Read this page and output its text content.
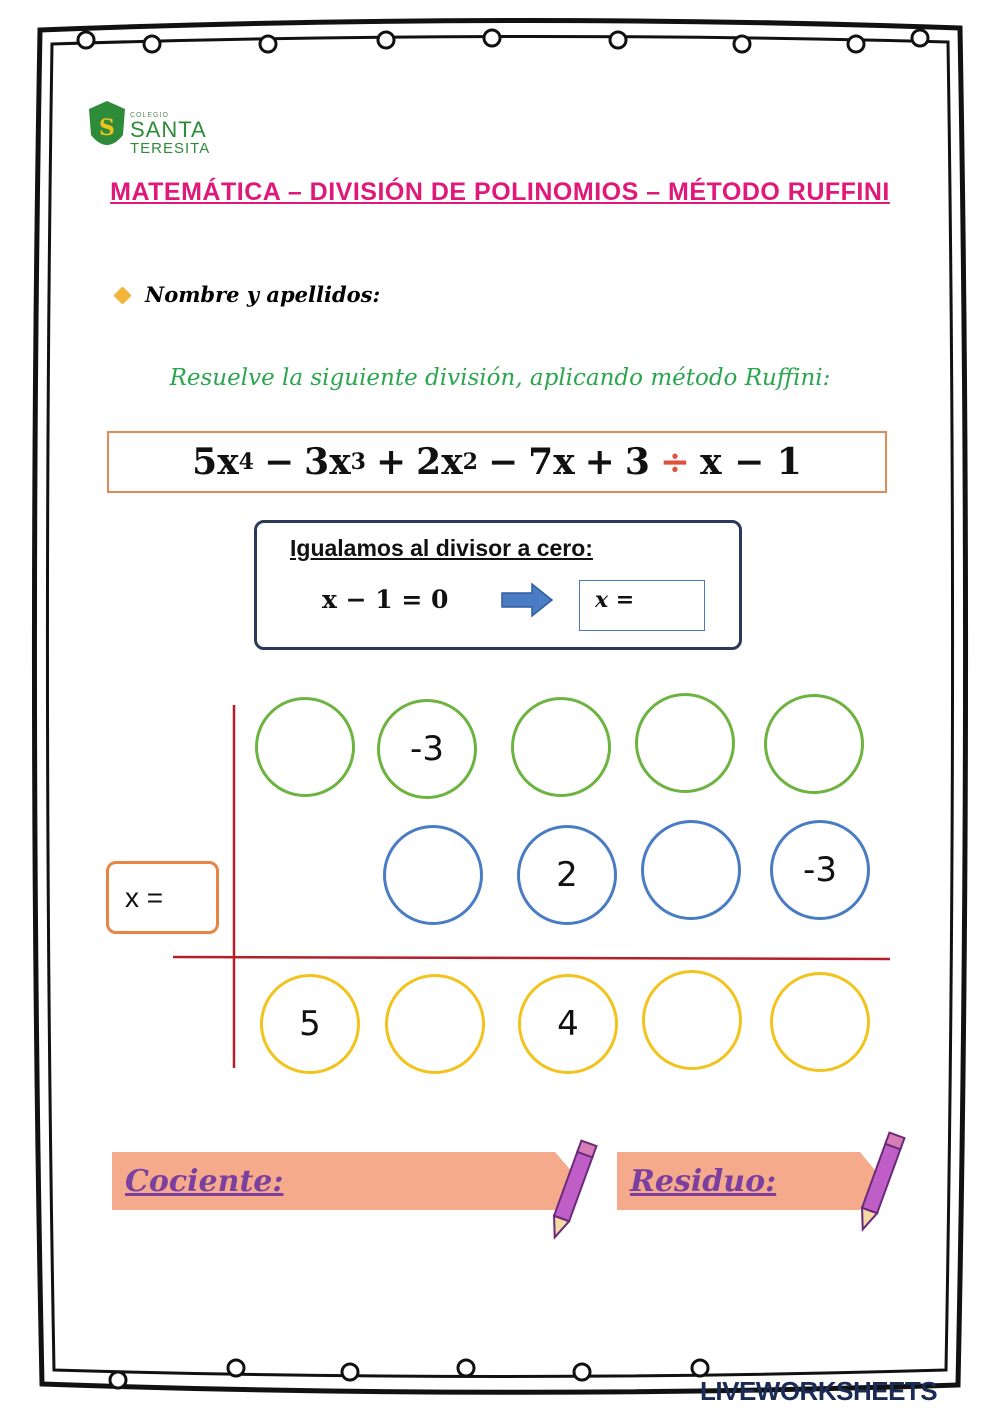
S COLEGIO
SANTA
TERESITA
MATEMÁTICA – DIVISIÓN DE POLINOMIOS – MÉTODO RUFFINI
Nombre y apellidos:
Resuelve la siguiente división, aplicando método Ruffini:
5x 4 − 3x 3 + 2x 2 − 7x + 3 ÷ x − 1
Igualamos al divisor a cero:
x − 1 = 0	x =
x =
-3
2	-3
5	4
Cociente:	Residuo:
LIVEWORKSHEETS
